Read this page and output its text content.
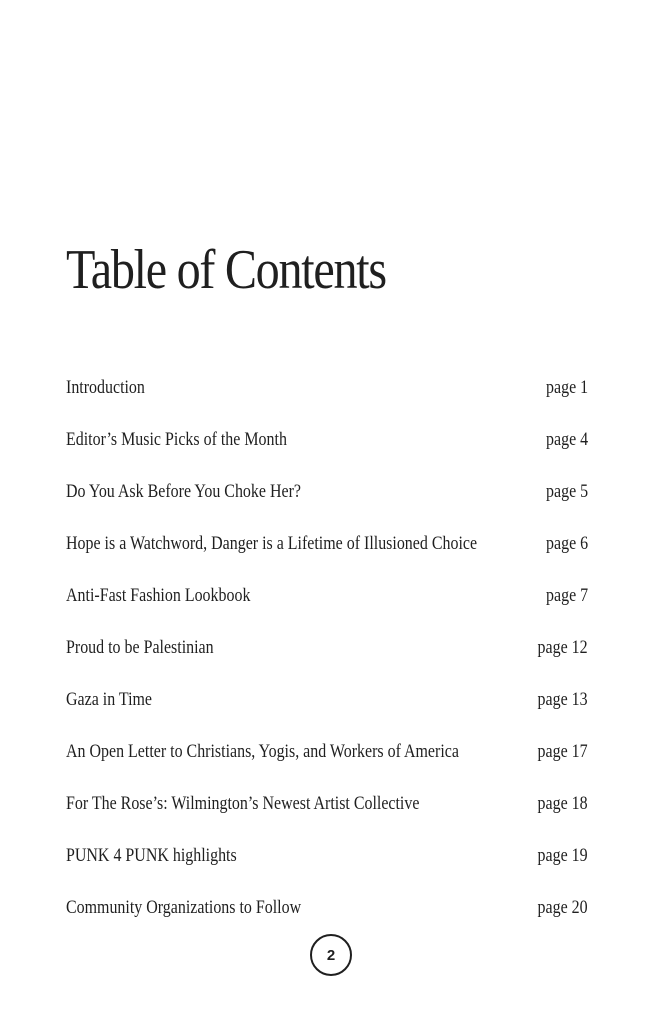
Table of Contents
Introduction	page 1
Editor’s Music Picks of the Month	page 4
Do You Ask Before You Choke Her?	page 5
Hope is a Watchword, Danger is a Lifetime of Illusioned Choice	page 6
Anti-Fast Fashion Lookbook	page 7
Proud to be Palestinian	page 12
Gaza in Time	page 13
An Open Letter to Christians, Yogis, and Workers of America	page 17
For The Rose’s: Wilmington’s Newest Artist Collective	page 18
PUNK 4 PUNK highlights	page 19
Community Organizations to Follow	page 20
2
